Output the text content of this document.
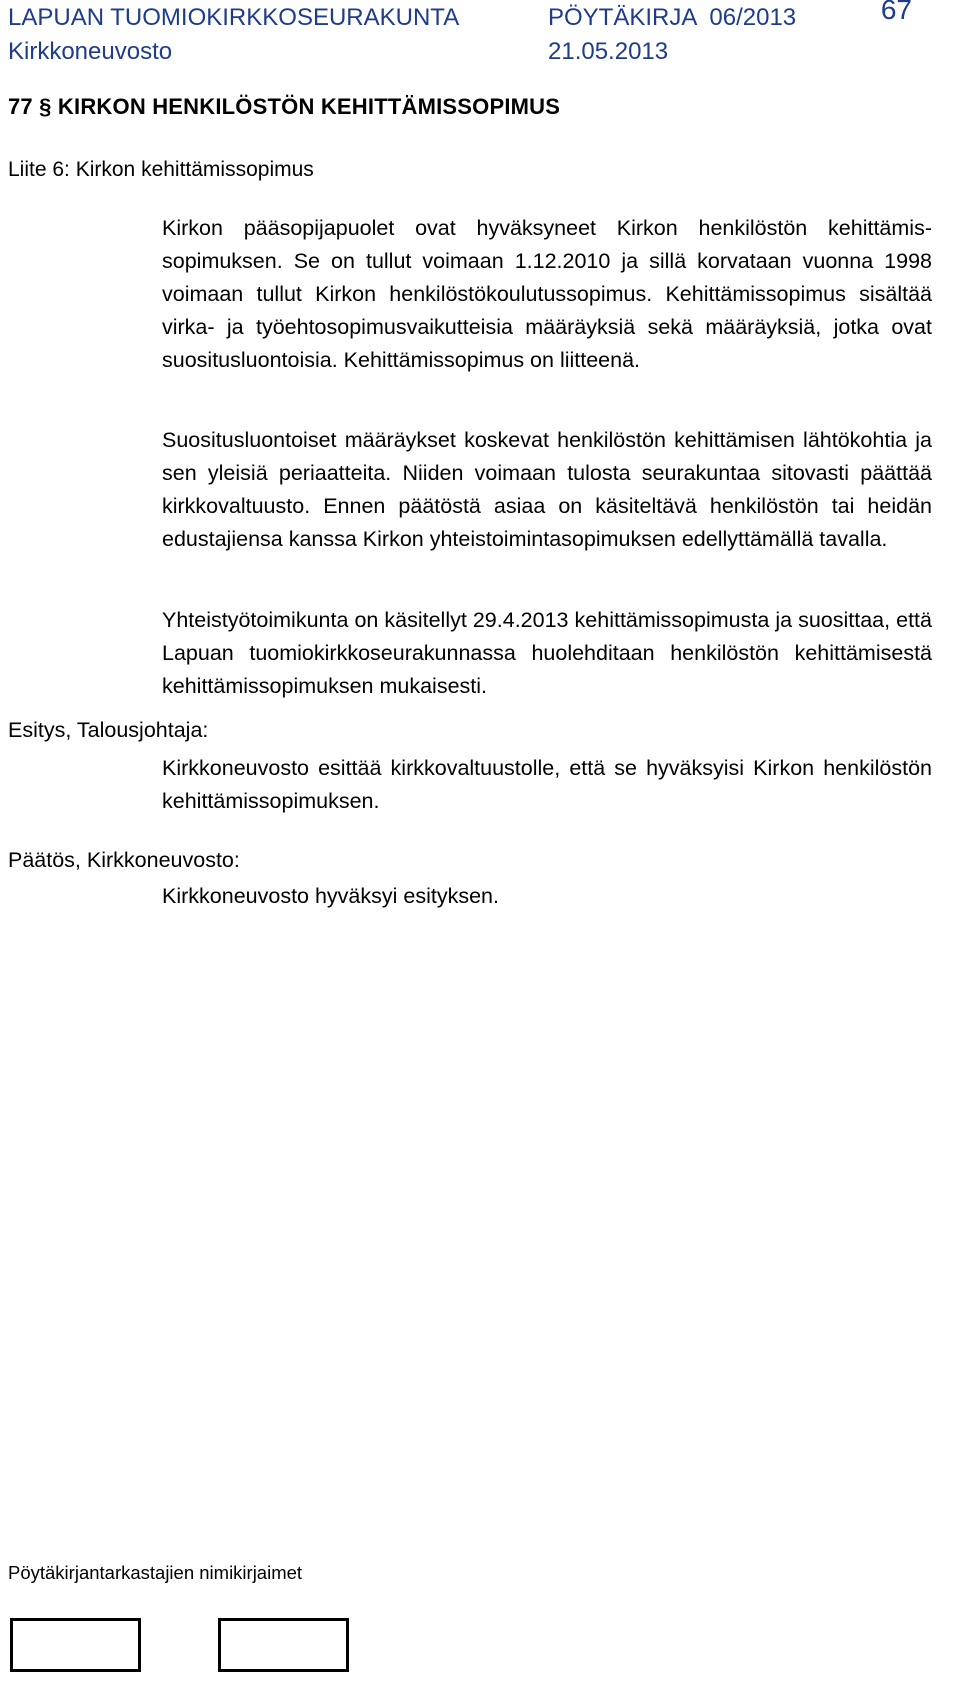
LAPUAN TUOMIOKIRKKOSEURAKUNTA	PÖYTÄKIRJA  06/2013	67
Kirkkoneuvosto	21.05.2013
77 § KIRKON HENKILÖSTÖN KEHITTÄMISSOPIMUS
Liite 6: Kirkon kehittämissopimus
Kirkon pääsopijapuolet ovat hyväksyneet Kirkon henkilöstön kehittämissopimuksen. Se on tullut voimaan 1.12.2010 ja sillä korvataan vuonna 1998 voimaan tullut Kirkon henkilöstökoulutussopimus. Kehittämissopimus sisältää virka- ja työehtosopimusvaikutteisia määräyksiä sekä määräyksiä, jotka ovat suositusluontoisia. Kehittämissopimus on liitteenä.
Suositusluontoiset määräykset koskevat henkilöstön kehittämisen lähtökohtia ja sen yleisiä periaatteita. Niiden voimaan tulosta seurakuntaa sitovasti päättää kirkkovaltuusto. Ennen päätöstä asiaa on käsiteltävä henkilöstön tai heidän edustajiensa kanssa Kirkon yhteistoimintasopimuksen edellyttämällä tavalla.
Yhteistyötoimikunta on käsitellyt 29.4.2013 kehittämissopimusta ja suosittaa, että Lapuan tuomiokirkkoseurakunnassa huolehditaan henkilöstön kehittämisestä kehittämissopimuksen mukaisesti.
Esitys, Talousjohtaja:
Kirkkoneuvosto esittää kirkkovaltuustolle, että se hyväksyisi Kirkon henkilöstön kehittämissopimuksen.
Päätös, Kirkkoneuvosto:
Kirkkoneuvosto hyväksyi esityksen.
Pöytäkirjantarkastajien nimikirjaimet
